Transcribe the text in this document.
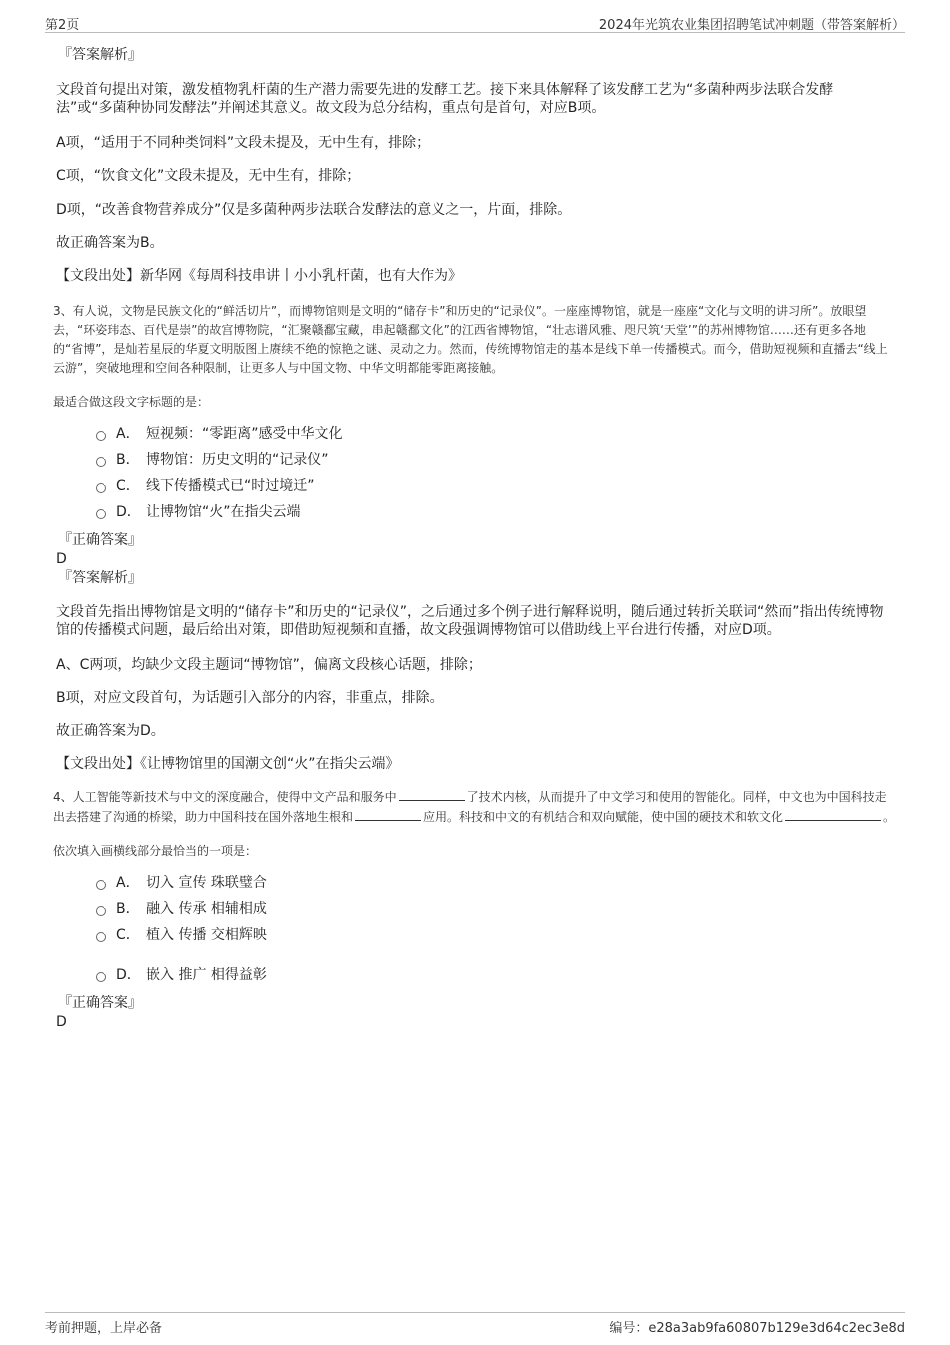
第2页	2024年光筑农业集团招聘笔试冲刺题（带答案解析）
『答案解析』

文段首句提出对策，激发植物乳杆菌的生产潜力需要先进的发酵工艺。接下来具体解释了该发酵工艺为“多菌种两步法联合发酵法”或“多菌种协同发酵法”并阐述其意义。故文段为总分结构，重点句是首句，对应B项。

A项，“适用于不同种类饲料”文段未提及，无中生有，排除；

C项，“饮食文化”文段未提及，无中生有，排除；

D项，“改善食物营养成分”仅是多菌种两步法联合发酵法的意义之一，片面，排除。

故正确答案为B。

【文段出处】新华网《每周科技串讲丨小小乳杆菌，也有大作为》

3、有人说，文物是民族文化的“鲜活切片”，而博物馆则是文明的“储存卡”和历史的“记录仪”。一座座博物馆，就是一座座“文化与文明的讲习所”。放眼望去，“环姿玮态、百代是崇”的故宫博物院，“汇聚赣鄱宝藏，串起赣鄱文化”的江西省博物馆，“壮志谱风雅、咫尺筑‘天堂’”的苏州博物馆……还有更多各地的“省博”，是灿若星辰的华夏文明版图上赓续不绝的惊艳之谜、灵动之力。然而，传统博物馆走的基本是线下单一传播模式。而今，借助短视频和直播去“线上云游”，突破地理和空间各种限制，让更多人与中国文物、中华文明都能零距离接触。

最适合做这段文字标题的是：

A． 短视频：“零距离”感受中华文化
B． 博物馆：历史文明的“记录仪”
C． 线下传播模式已“时过境迁”
D． 让博物馆“火”在指尖云端
『正确答案』
D
『答案解析』

文段首先指出博物馆是文明的“储存卡”和历史的“记录仪”，之后通过多个例子进行解释说明，随后通过转折关联词“然而”指出传统博物馆的传播模式问题，最后给出对策，即借助短视频和直播，故文段强调博物馆可以借助线上平台进行传播，对应D项。

A、C两项，均缺少文段主题词“博物馆”，偏离文段核心话题，排除；

B项，对应文段首句，为话题引入部分的内容，非重点，排除。

故正确答案为D。

【文段出处】《让博物馆里的国潮文创“火”在指尖云端》

4、人工智能等新技术与中文的深度融合，使得中文产品和服务中	了技术内核，从而提升了中文学习和使用的智能化。同样，中文也为中国科技走出去搭建了沟通的桥梁，助力中国科技在国外落地生根和	应用。科技和中文的有机结合和双向赋能，使中国的硬技术和软文化	。

依次填入画横线部分最恰当的一项是：

A． 切入 宣传 珠联璧合
B． 融入 传承 相辅相成
C． 植入 传播 交相辉映
D． 嵌入 推广 相得益彰
『正确答案』
D
考前押题，上岸必备	编号：e28a3ab9fa60807b129e3d64c2ec3e8d
